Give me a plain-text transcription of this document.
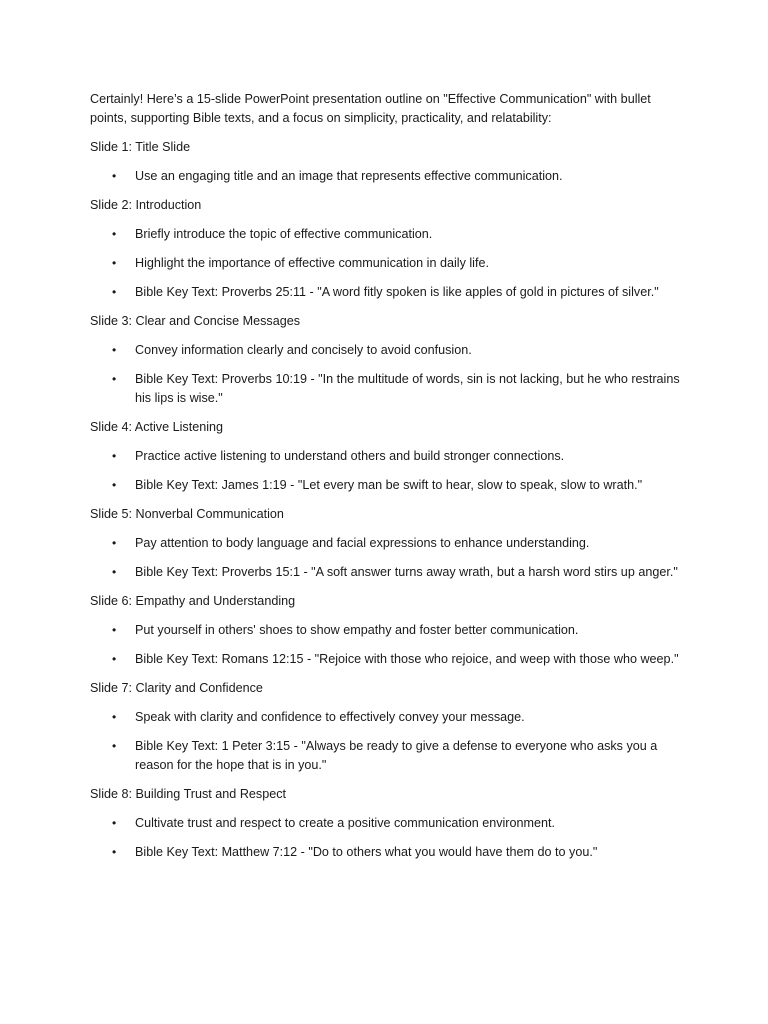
Certainly! Here’s a 15-slide PowerPoint presentation outline on "Effective Communication" with bullet points, supporting Bible texts, and a focus on simplicity, practicality, and relatability:

Slide 1: Title Slide

• Use an engaging title and an image that represents effective communication.

Slide 2: Introduction

• Briefly introduce the topic of effective communication.
• Highlight the importance of effective communication in daily life.
• Bible Key Text: Proverbs 25:11 - "A word fitly spoken is like apples of gold in pictures of silver."

Slide 3: Clear and Concise Messages

• Convey information clearly and concisely to avoid confusion.
• Bible Key Text: Proverbs 10:19 - "In the multitude of words, sin is not lacking, but he who restrains his lips is wise."

Slide 4: Active Listening

• Practice active listening to understand others and build stronger connections.
• Bible Key Text: James 1:19 - "Let every man be swift to hear, slow to speak, slow to wrath."

Slide 5: Nonverbal Communication

• Pay attention to body language and facial expressions to enhance understanding.
• Bible Key Text: Proverbs 15:1 - "A soft answer turns away wrath, but a harsh word stirs up anger."

Slide 6: Empathy and Understanding

• Put yourself in others' shoes to show empathy and foster better communication.
• Bible Key Text: Romans 12:15 - "Rejoice with those who rejoice, and weep with those who weep."

Slide 7: Clarity and Confidence

• Speak with clarity and confidence to effectively convey your message.
• Bible Key Text: 1 Peter 3:15 - "Always be ready to give a defense to everyone who asks you a reason for the hope that is in you."

Slide 8: Building Trust and Respect

• Cultivate trust and respect to create a positive communication environment.
• Bible Key Text: Matthew 7:12 - "Do to others what you would have them do to you."
